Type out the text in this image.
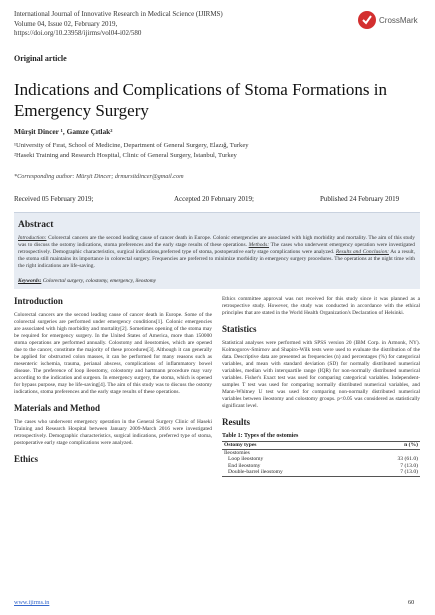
International Journal of Innovative Research in Medical Science (IJIRMS)
Volume 04, Issue 02, February 2019,
https://doi.org/10.23958/ijirms/vol04-i02/580
CrossMark
Original article
Indications and Complications of Stoma Formations in Emergency Surgery
Mürşit Dincer ¹, Gamze Çıtlak²
¹University of Fırat, School of Medicine, Department of General Surgery, Elazığ, Turkey
²Haseki Training and Research Hospital, Clinic of General Surgery, İstanbul, Turkey
*Corresponding author: Mürşit Dincer; drmursitdincer@gmail.com
Received 05 February 2019;	Accepted 20 February 2019;	Published 24 February 2019
Abstract
Introduction: Colorectal cancers are the second leading cause of cancer death in Europe. Colonic emergencies are associated with high morbidity and mortality. The aim of this study was to discuss the ostomy indications, stoma preferences and the early stage results of these operations. Methods: The cases who underwent emergency operation were investigated retrospectively. Demographic characteristics, surgical indications,preferred type of stoma, postoperative early stage complications were analyzed. Results and Conclusion: As a result, the stoma still maintains its importance in colorectal surgery. Frequencies are preferred to minimize morbidity in emergency surgery procedures. The operations at the night time with the right indications are life-saving.
Keywords: Colorectal surgery, colostomy, emergency, ileostomy
Introduction

Colorectal cancers are the second leading cause of cancer death in Europe. Some of the colorectal surgeries are performed under emergency conditions[1]. Colonic emergencies are associated with high morbidity and mortality[2]. Sometimes opening of the stoma may be required for emergency surgery. In the United States of America, more than 150000 stoma operations are performed annually. Colostomy and ileostomies, which are opened due to the cancer, constitute the majority of these procedures[3]. Although it can generally be applied for obstructed colon masses, it can be performed for many reasons such as mesenteric ischemia, trauma, perianal abscess, complications of inflammatory bowel disease. The preference of loop ileostomy, colostomy and hartmann procedure may vary according to the indication and surgeon. In emergency surgery, the stoma, which is opened for bypass purpose, may be life-saving[4]. The aim of this study was to discuss the ostomy indications, stoma preferences and the early stage results of these operations.

Materials and Method

The cases who underwent emergency operation in the General Surgery Clinic of Haseki Training and Research Hospital between January 2009-March 2016 were investigated retrospectively. Demographic characteristics, surgical indications, preferred type of stoma, postoperative early stage complications were analyzed.

Ethics

Ethics committee approval was not received for this study since it was planned as a retrospective study. However, the study was conducted in accordance with the ethical principles that are stated in the World Health Organization's Declaration of Helsinki.

Statistics

Statistical analyses were performed with SPSS version 20 (IBM Corp. in Armonk, NY). Kolmogorov-Smirnov and Shapiro-Wilk tests were used to evaluate the distribution of the data. Descriptive data are presented as frequencies (n) and percentages (%) for categorical variables, and mean with standard deviation (SD) for normally distributed numerical variables, median with interquartile range (IQR) for non-normally distributed numerical variables. Fisher's Exact test was used for comparing categorical variables. Independent-samples T test was used for comparing normally distributed numerical variables, and Mann-Whitney U test was used for comparing non-normally distributed numerical variables between ileostomy and colostomy groups. p<0.05 was considered as statistically significant level.

Results
Table 1: Types of the ostomies
Ostomy types	n (%)
Ileostomies	
Loop ileostomy	33 (61.0)
End ileostomy	7 (13.0)
Double-barrel ileostomy	7 (13.0)
www.ijirms.in	60
